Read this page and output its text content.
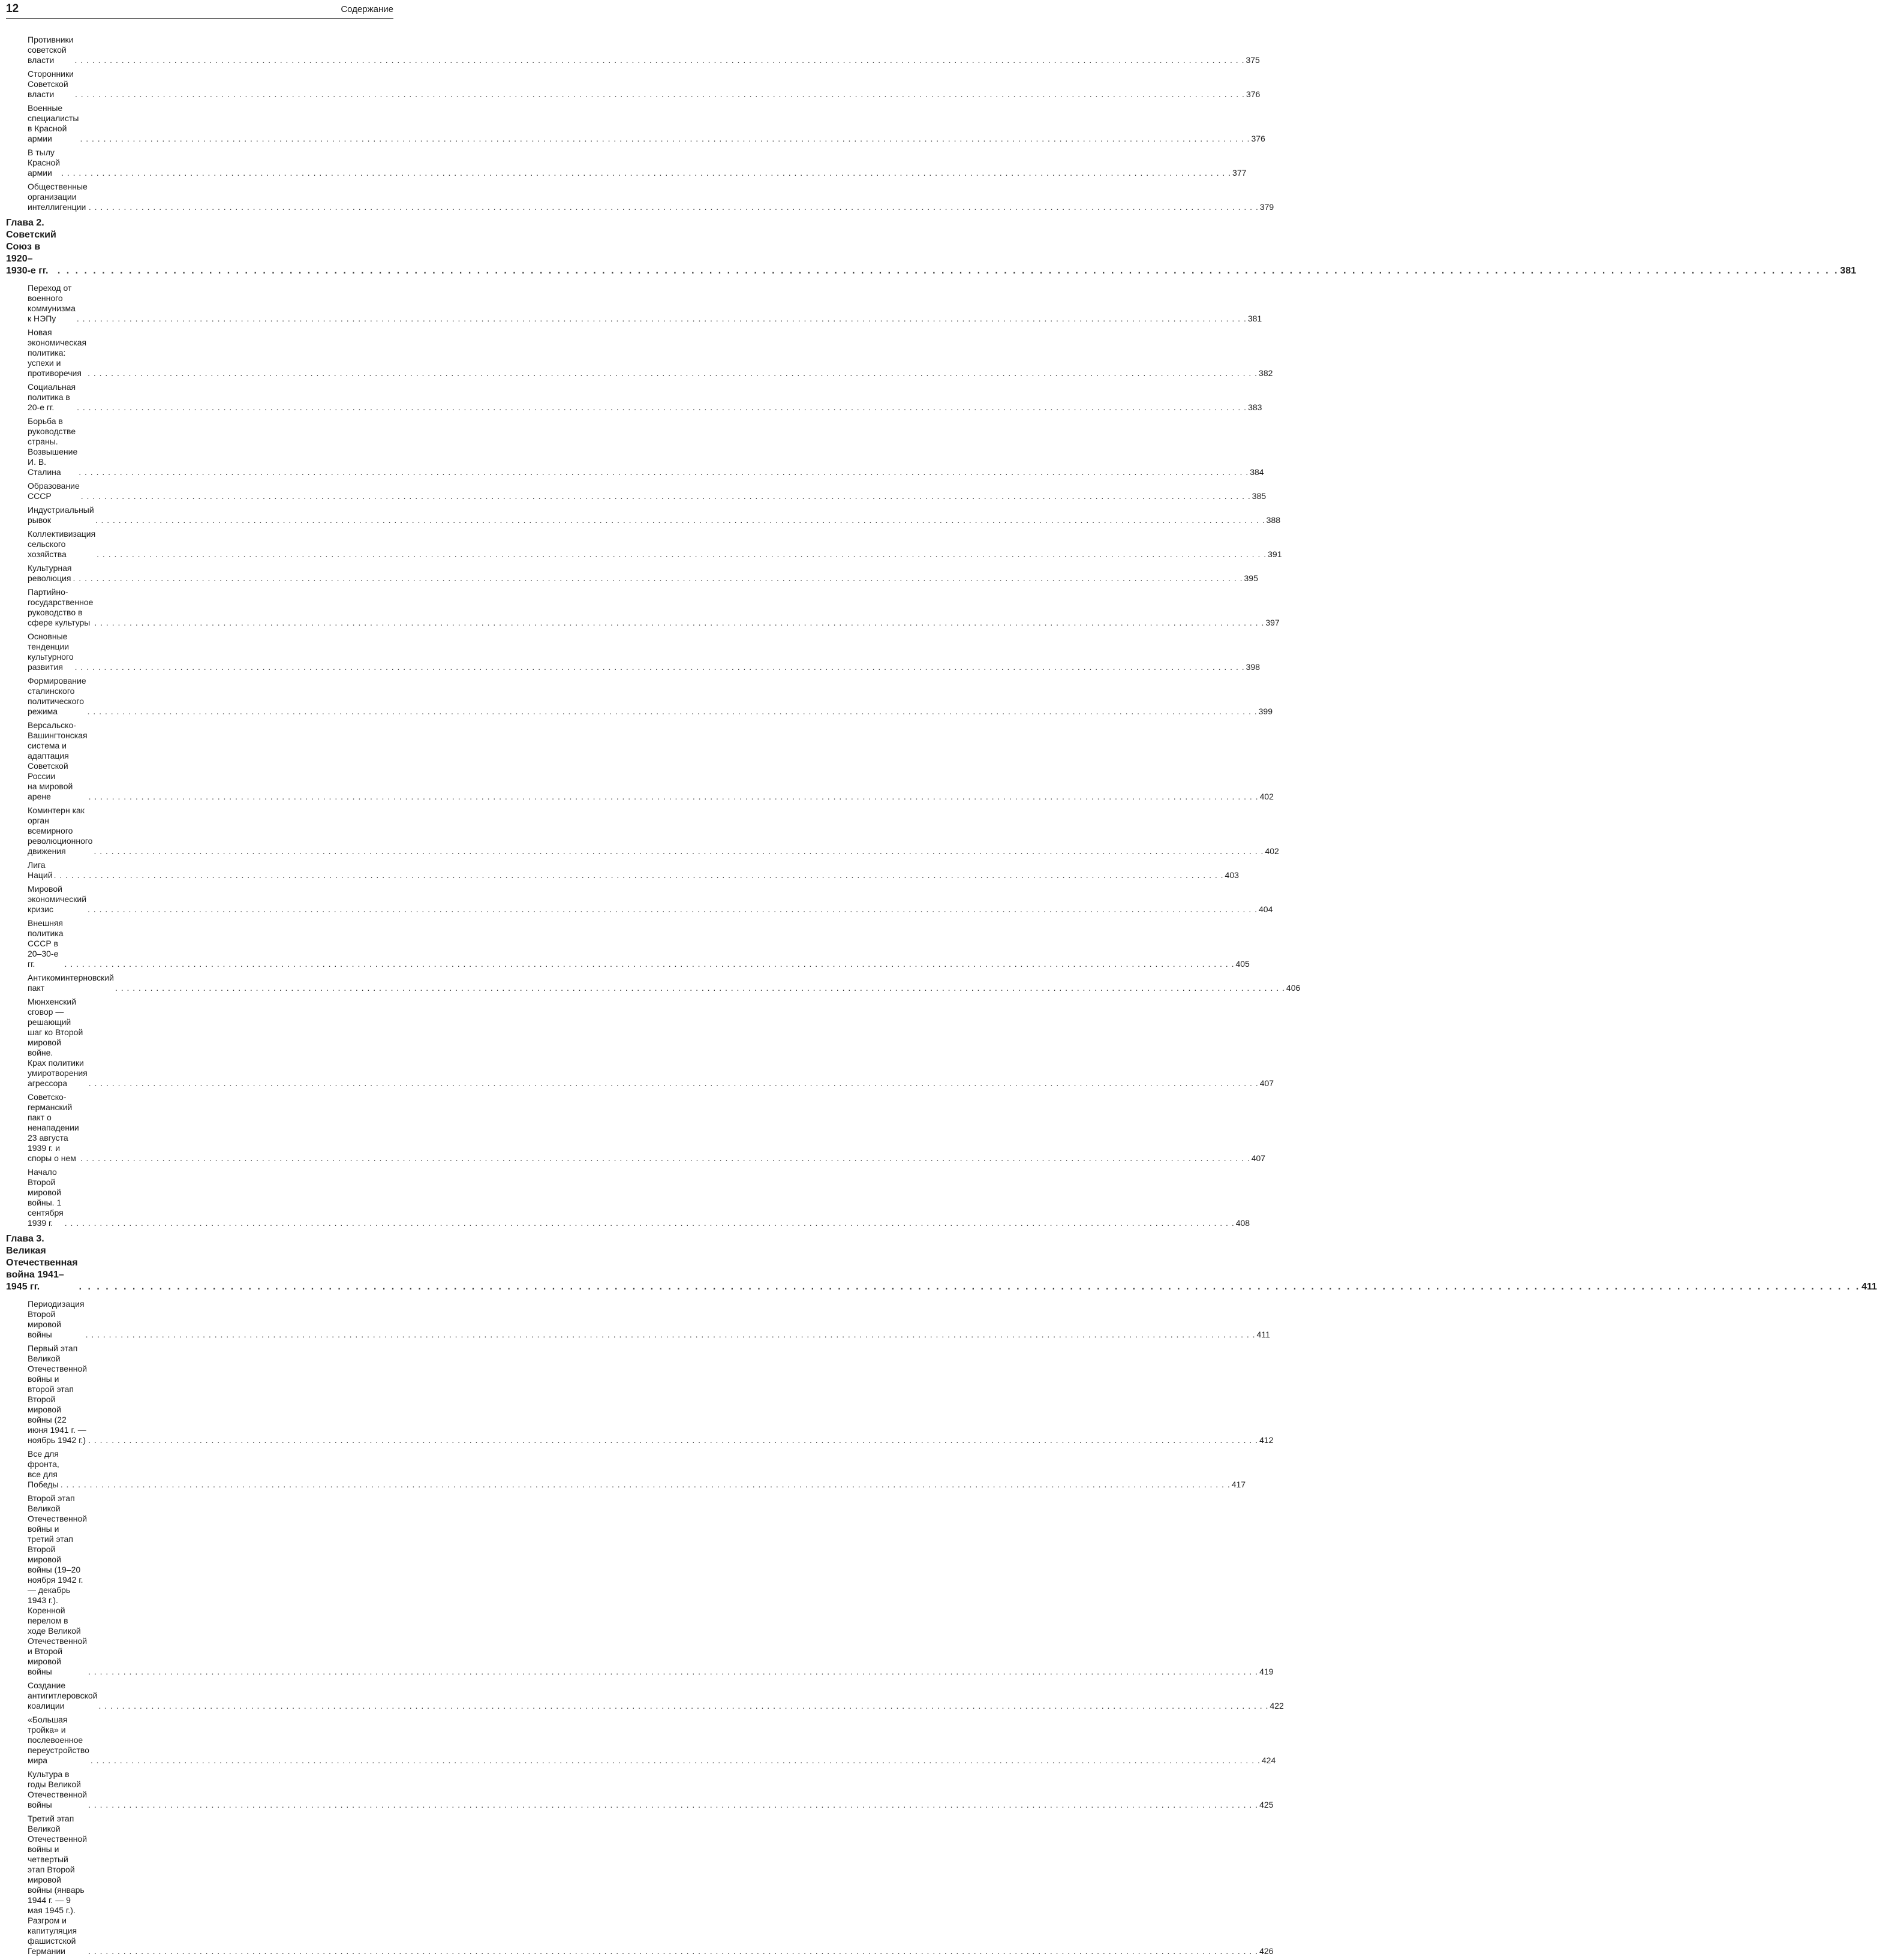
12	Содержание
Противники советской власти	. . . . . . . . . . . . . . . . . . . . . . . . . . . . . . . . . . . . . . . . . . . . . . . . . . . . . . . . . . . . . . . . . . . . . . . . . . . . . . . . . . . . . . . . . . . . . . . . . . . . . . . . . . . . . . . . . . . . . . . . . . . . . . . . . . . . . . . . . . . . . . . . . . . . . . . . . . . . . . . . . . . . . . . . . . . . . . . . . . . . . . . . . . . . . . . . . . . . . . . . 375
Сторонники Советской власти	. . . . . . . . . . . . . . . . . . . . . . . . . . . . . . . . . . . . . . . . . . . . . . . . . . . . . . . . . . . . . . . . . . . . . . . . . . . . . . . . . . . . . . . . . . . . . . . . . . . . . . . . . . . . . . . . . . . . . . . . . . . . . . . . . . . . . . . . . . . . . . . . . . . . . . . . . . . . . . . . . . . . . . . . . . . . . . . . . . . . . . . . . . . . . . . . . . . . . . . . 376
Военные специалисты в Красной армии	. . . . . . . . . . . . . . . . . . . . . . . . . . . . . . . . . . . . . . . . . . . . . . . . . . . . . . . . . . . . . . . . . . . . . . . . . . . . . . . . . . . . . . . . . . . . . . . . . . . . . . . . . . . . . . . . . . . . . . . . . . . . . . . . . . . . . . . . . . . . . . . . . . . . . . . . . . . . . . . . . . . . . . . . . . . . . . . . . . . . . . . . . . . . . . . . . . . . . . . . 376
В тылу Красной армии	. . . . . . . . . . . . . . . . . . . . . . . . . . . . . . . . . . . . . . . . . . . . . . . . . . . . . . . . . . . . . . . . . . . . . . . . . . . . . . . . . . . . . . . . . . . . . . . . . . . . . . . . . . . . . . . . . . . . . . . . . . . . . . . . . . . . . . . . . . . . . . . . . . . . . . . . . . . . . . . . . . . . . . . . . . . . . . . . . . . . . . . . . . . . . . . . . . . . . . . . 377
Общественные организации интеллигенции . . . . . . . . . . . . . . . . . . . . . . . . . . . . . . . . . . . . . . . . . . . . . . . . . . . . . . . . . . . . . . . . . . . . . . . . . . . . . . . . . . . . . . . . . . . . . . . . . . . . . . . . . . . . . . . . . . . . . . . . . . . . . . . . . . . . . . . . . . . . . . . . . . . . . . . . . . . . . . . . . . . . . . . . . . . . . . . . . . . . . . . . . . . . . . . . . . . . . . . . 379
Глава 2. Советский Союз в 1920–1930-е гг. . . . . . . . . . . . . . . . . . . . . . . . . . . . . . . . . . . . . . . . . . . . . . . . . . . . . . . . . . . . . . . . . . . . . . . . . . . . . . . . . . . . . . . . . . . . . . . . . . . . . . . . . . . . . . . . . . . . . . . . . . . . . . . . . . . . . . . . . . . . . . . . . . . . . . . . . . . . . . . . . . . . . . . . . . . . . . . . . . . . . . . . . . . . . . . . . . . . . . . . . 381
Переход от военного коммунизма к НЭПу	. . . . . . . . . . . . . . . . . . . . . . . . . . . . . . . . . . . . . . . . . . . . . . . . . . . . . . . . . . . . . . . . . . . . . . . . . . . . . . . . . . . . . . . . . . . . . . . . . . . . . . . . . . . . . . . . . . . . . . . . . . . . . . . . . . . . . . . . . . . . . . . . . . . . . . . . . . . . . . . . . . . . . . . . . . . . . . . . . . . . . . . . . . . . . . . . . . . . . . . . 381
Новая экономическая политика: успехи и противоречия . . . . . . . . . . . . . . . . . . . . . . . . . . . . . . . . . . . . . . . . . . . . . . . . . . . . . . . . . . . . . . . . . . . . . . . . . . . . . . . . . . . . . . . . . . . . . . . . . . . . . . . . . . . . . . . . . . . . . . . . . . . . . . . . . . . . . . . . . . . . . . . . . . . . . . . . . . . . . . . . . . . . . . . . . . . . . . . . . . . . . . . . . . . . . . . . . . . . . . . . 382
Социальная политика в 20-е гг.	. . . . . . . . . . . . . . . . . . . . . . . . . . . . . . . . . . . . . . . . . . . . . . . . . . . . . . . . . . . . . . . . . . . . . . . . . . . . . . . . . . . . . . . . . . . . . . . . . . . . . . . . . . . . . . . . . . . . . . . . . . . . . . . . . . . . . . . . . . . . . . . . . . . . . . . . . . . . . . . . . . . . . . . . . . . . . . . . . . . . . . . . . . . . . . . . . . . . . . . . 383
Борьба в руководстве страны. Возвышение И. В. Сталина	. . . . . . . . . . . . . . . . . . . . . . . . . . . . . . . . . . . . . . . . . . . . . . . . . . . . . . . . . . . . . . . . . . . . . . . . . . . . . . . . . . . . . . . . . . . . . . . . . . . . . . . . . . . . . . . . . . . . . . . . . . . . . . . . . . . . . . . . . . . . . . . . . . . . . . . . . . . . . . . . . . . . . . . . . . . . . . . . . . . . . . . . . . . . . . . . . . . . . . . . 384
Образование СССР	. . . . . . . . . . . . . . . . . . . . . . . . . . . . . . . . . . . . . . . . . . . . . . . . . . . . . . . . . . . . . . . . . . . . . . . . . . . . . . . . . . . . . . . . . . . . . . . . . . . . . . . . . . . . . . . . . . . . . . . . . . . . . . . . . . . . . . . . . . . . . . . . . . . . . . . . . . . . . . . . . . . . . . . . . . . . . . . . . . . . . . . . . . . . . . . . . . . . . . . . 385
Индустриальный рывок	. . . . . . . . . . . . . . . . . . . . . . . . . . . . . . . . . . . . . . . . . . . . . . . . . . . . . . . . . . . . . . . . . . . . . . . . . . . . . . . . . . . . . . . . . . . . . . . . . . . . . . . . . . . . . . . . . . . . . . . . . . . . . . . . . . . . . . . . . . . . . . . . . . . . . . . . . . . . . . . . . . . . . . . . . . . . . . . . . . . . . . . . . . . . . . . . . . . . . . . . 388
Коллективизация сельского хозяйства	. . . . . . . . . . . . . . . . . . . . . . . . . . . . . . . . . . . . . . . . . . . . . . . . . . . . . . . . . . . . . . . . . . . . . . . . . . . . . . . . . . . . . . . . . . . . . . . . . . . . . . . . . . . . . . . . . . . . . . . . . . . . . . . . . . . . . . . . . . . . . . . . . . . . . . . . . . . . . . . . . . . . . . . . . . . . . . . . . . . . . . . . . . . . . . . . . . . . . . . . 391
Культурная революция . . . . . . . . . . . . . . . . . . . . . . . . . . . . . . . . . . . . . . . . . . . . . . . . . . . . . . . . . . . . . . . . . . . . . . . . . . . . . . . . . . . . . . . . . . . . . . . . . . . . . . . . . . . . . . . . . . . . . . . . . . . . . . . . . . . . . . . . . . . . . . . . . . . . . . . . . . . . . . . . . . . . . . . . . . . . . . . . . . . . . . . . . . . . . . . . . . . . . . . . 395
Партийно-государственное руководство в сфере культуры . . . . . . . . . . . . . . . . . . . . . . . . . . . . . . . . . . . . . . . . . . . . . . . . . . . . . . . . . . . . . . . . . . . . . . . . . . . . . . . . . . . . . . . . . . . . . . . . . . . . . . . . . . . . . . . . . . . . . . . . . . . . . . . . . . . . . . . . . . . . . . . . . . . . . . . . . . . . . . . . . . . . . . . . . . . . . . . . . . . . . . . . . . . . . . . . . . . . . . . . 397
Основные тенденции культурного развития	. . . . . . . . . . . . . . . . . . . . . . . . . . . . . . . . . . . . . . . . . . . . . . . . . . . . . . . . . . . . . . . . . . . . . . . . . . . . . . . . . . . . . . . . . . . . . . . . . . . . . . . . . . . . . . . . . . . . . . . . . . . . . . . . . . . . . . . . . . . . . . . . . . . . . . . . . . . . . . . . . . . . . . . . . . . . . . . . . . . . . . . . . . . . . . . . . . . . . . . . 398
Формирование сталинского политического режима	. . . . . . . . . . . . . . . . . . . . . . . . . . . . . . . . . . . . . . . . . . . . . . . . . . . . . . . . . . . . . . . . . . . . . . . . . . . . . . . . . . . . . . . . . . . . . . . . . . . . . . . . . . . . . . . . . . . . . . . . . . . . . . . . . . . . . . . . . . . . . . . . . . . . . . . . . . . . . . . . . . . . . . . . . . . . . . . . . . . . . . . . . . . . . . . . . . . . . . . . 399
Версальско-Вашингтонская система и адаптация Советской России
на мировой арене	. . . . . . . . . . . . . . . . . . . . . . . . . . . . . . . . . . . . . . . . . . . . . . . . . . . . . . . . . . . . . . . . . . . . . . . . . . . . . . . . . . . . . . . . . . . . . . . . . . . . . . . . . . . . . . . . . . . . . . . . . . . . . . . . . . . . . . . . . . . . . . . . . . . . . . . . . . . . . . . . . . . . . . . . . . . . . . . . . . . . . . . . . . . . . . . . . . . . . . . . 402
Коминтерн как орган всемирного революционного движения	. . . . . . . . . . . . . . . . . . . . . . . . . . . . . . . . . . . . . . . . . . . . . . . . . . . . . . . . . . . . . . . . . . . . . . . . . . . . . . . . . . . . . . . . . . . . . . . . . . . . . . . . . . . . . . . . . . . . . . . . . . . . . . . . . . . . . . . . . . . . . . . . . . . . . . . . . . . . . . . . . . . . . . . . . . . . . . . . . . . . . . . . . . . . . . . . . . . . . . . . 402
Лига Наций . . . . . . . . . . . . . . . . . . . . . . . . . . . . . . . . . . . . . . . . . . . . . . . . . . . . . . . . . . . . . . . . . . . . . . . . . . . . . . . . . . . . . . . . . . . . . . . . . . . . . . . . . . . . . . . . . . . . . . . . . . . . . . . . . . . . . . . . . . . . . . . . . . . . . . . . . . . . . . . . . . . . . . . . . . . . . . . . . . . . . . . . . . . . . . . . . . . . . . . . 403
Мировой экономический кризис	. . . . . . . . . . . . . . . . . . . . . . . . . . . . . . . . . . . . . . . . . . . . . . . . . . . . . . . . . . . . . . . . . . . . . . . . . . . . . . . . . . . . . . . . . . . . . . . . . . . . . . . . . . . . . . . . . . . . . . . . . . . . . . . . . . . . . . . . . . . . . . . . . . . . . . . . . . . . . . . . . . . . . . . . . . . . . . . . . . . . . . . . . . . . . . . . . . . . . . . . 404
Внешняя политика СССР в 20–30-е гг.	. . . . . . . . . . . . . . . . . . . . . . . . . . . . . . . . . . . . . . . . . . . . . . . . . . . . . . . . . . . . . . . . . . . . . . . . . . . . . . . . . . . . . . . . . . . . . . . . . . . . . . . . . . . . . . . . . . . . . . . . . . . . . . . . . . . . . . . . . . . . . . . . . . . . . . . . . . . . . . . . . . . . . . . . . . . . . . . . . . . . . . . . . . . . . . . . . . . . . . . . 405
Антикоминтерновский пакт	. . . . . . . . . . . . . . . . . . . . . . . . . . . . . . . . . . . . . . . . . . . . . . . . . . . . . . . . . . . . . . . . . . . . . . . . . . . . . . . . . . . . . . . . . . . . . . . . . . . . . . . . . . . . . . . . . . . . . . . . . . . . . . . . . . . . . . . . . . . . . . . . . . . . . . . . . . . . . . . . . . . . . . . . . . . . . . . . . . . . . . . . . . . . . . . . . . . . . . . . 406
Мюнхенский сговор — решающий шаг ко Второй мировой войне.
Крах политики умиротворения агрессора	. . . . . . . . . . . . . . . . . . . . . . . . . . . . . . . . . . . . . . . . . . . . . . . . . . . . . . . . . . . . . . . . . . . . . . . . . . . . . . . . . . . . . . . . . . . . . . . . . . . . . . . . . . . . . . . . . . . . . . . . . . . . . . . . . . . . . . . . . . . . . . . . . . . . . . . . . . . . . . . . . . . . . . . . . . . . . . . . . . . . . . . . . . . . . . . . . . . . . . . . 407
Советско-германский пакт о ненападении 23 августа 1939 г. и споры о нем . . . . . . . . . . . . . . . . . . . . . . . . . . . . . . . . . . . . . . . . . . . . . . . . . . . . . . . . . . . . . . . . . . . . . . . . . . . . . . . . . . . . . . . . . . . . . . . . . . . . . . . . . . . . . . . . . . . . . . . . . . . . . . . . . . . . . . . . . . . . . . . . . . . . . . . . . . . . . . . . . . . . . . . . . . . . . . . . . . . . . . . . . . . . . . . . . . . . . . . . 407
Начало Второй мировой войны. 1 сентября 1939 г.	. . . . . . . . . . . . . . . . . . . . . . . . . . . . . . . . . . . . . . . . . . . . . . . . . . . . . . . . . . . . . . . . . . . . . . . . . . . . . . . . . . . . . . . . . . . . . . . . . . . . . . . . . . . . . . . . . . . . . . . . . . . . . . . . . . . . . . . . . . . . . . . . . . . . . . . . . . . . . . . . . . . . . . . . . . . . . . . . . . . . . . . . . . . . . . . . . . . . . . . . 408
Глава 3. Великая Отечественная война 1941–1945 гг.	. . . . . . . . . . . . . . . . . . . . . . . . . . . . . . . . . . . . . . . . . . . . . . . . . . . . . . . . . . . . . . . . . . . . . . . . . . . . . . . . . . . . . . . . . . . . . . . . . . . . . . . . . . . . . . . . . . . . . . . . . . . . . . . . . . . . . . . . . . . . . . . . . . . . . . . . . . . . . . . . . . . . . . . . . . . . . . . . . . . . . . . . . . . . . . . . . . . . . . . . 411
Периодизация Второй мировой войны	. . . . . . . . . . . . . . . . . . . . . . . . . . . . . . . . . . . . . . . . . . . . . . . . . . . . . . . . . . . . . . . . . . . . . . . . . . . . . . . . . . . . . . . . . . . . . . . . . . . . . . . . . . . . . . . . . . . . . . . . . . . . . . . . . . . . . . . . . . . . . . . . . . . . . . . . . . . . . . . . . . . . . . . . . . . . . . . . . . . . . . . . . . . . . . . . . . . . . . . . 411
Первый этап Великой Отечественной войны и второй этап
Второй мировой войны (22 июня 1941 г. — ноябрь 1942 г.) . . . . . . . . . . . . . . . . . . . . . . . . . . . . . . . . . . . . . . . . . . . . . . . . . . . . . . . . . . . . . . . . . . . . . . . . . . . . . . . . . . . . . . . . . . . . . . . . . . . . . . . . . . . . . . . . . . . . . . . . . . . . . . . . . . . . . . . . . . . . . . . . . . . . . . . . . . . . . . . . . . . . . . . . . . . . . . . . . . . . . . . . . . . . . . . . . . . . . . . . 412
Все для фронта, все для Победы . . . . . . . . . . . . . . . . . . . . . . . . . . . . . . . . . . . . . . . . . . . . . . . . . . . . . . . . . . . . . . . . . . . . . . . . . . . . . . . . . . . . . . . . . . . . . . . . . . . . . . . . . . . . . . . . . . . . . . . . . . . . . . . . . . . . . . . . . . . . . . . . . . . . . . . . . . . . . . . . . . . . . . . . . . . . . . . . . . . . . . . . . . . . . . . . . . . . . . . . 417
Второй этап Великой Отечественной войны и третий этап
Второй мировой войны (19–20 ноября 1942 г. — декабрь 1943 г.).
Коренной перелом в ходе Великой Отечественной и Второй мировой войны	. . . . . . . . . . . . . . . . . . . . . . . . . . . . . . . . . . . . . . . . . . . . . . . . . . . . . . . . . . . . . . . . . . . . . . . . . . . . . . . . . . . . . . . . . . . . . . . . . . . . . . . . . . . . . . . . . . . . . . . . . . . . . . . . . . . . . . . . . . . . . . . . . . . . . . . . . . . . . . . . . . . . . . . . . . . . . . . . . . . . . . . . . . . . . . . . . . . . . . . . 419
Создание антигитлеровской коалиции	. . . . . . . . . . . . . . . . . . . . . . . . . . . . . . . . . . . . . . . . . . . . . . . . . . . . . . . . . . . . . . . . . . . . . . . . . . . . . . . . . . . . . . . . . . . . . . . . . . . . . . . . . . . . . . . . . . . . . . . . . . . . . . . . . . . . . . . . . . . . . . . . . . . . . . . . . . . . . . . . . . . . . . . . . . . . . . . . . . . . . . . . . . . . . . . . . . . . . . . . 422
«Большая тройка» и послевоенное переустройство мира	. . . . . . . . . . . . . . . . . . . . . . . . . . . . . . . . . . . . . . . . . . . . . . . . . . . . . . . . . . . . . . . . . . . . . . . . . . . . . . . . . . . . . . . . . . . . . . . . . . . . . . . . . . . . . . . . . . . . . . . . . . . . . . . . . . . . . . . . . . . . . . . . . . . . . . . . . . . . . . . . . . . . . . . . . . . . . . . . . . . . . . . . . . . . . . . . . . . . . . . . 424
Культура в годы Великой Отечественной войны	. . . . . . . . . . . . . . . . . . . . . . . . . . . . . . . . . . . . . . . . . . . . . . . . . . . . . . . . . . . . . . . . . . . . . . . . . . . . . . . . . . . . . . . . . . . . . . . . . . . . . . . . . . . . . . . . . . . . . . . . . . . . . . . . . . . . . . . . . . . . . . . . . . . . . . . . . . . . . . . . . . . . . . . . . . . . . . . . . . . . . . . . . . . . . . . . . . . . . . . . 425
Третий этап Великой Отечественной войны и четвертый этап Второй
мировой войны (январь 1944 г. — 9 мая 1945 г.). Разгром и капитуляция
фашистской Германии	. . . . . . . . . . . . . . . . . . . . . . . . . . . . . . . . . . . . . . . . . . . . . . . . . . . . . . . . . . . . . . . . . . . . . . . . . . . . . . . . . . . . . . . . . . . . . . . . . . . . . . . . . . . . . . . . . . . . . . . . . . . . . . . . . . . . . . . . . . . . . . . . . . . . . . . . . . . . . . . . . . . . . . . . . . . . . . . . . . . . . . . . . . . . . . . . . . . . . . . . 426
